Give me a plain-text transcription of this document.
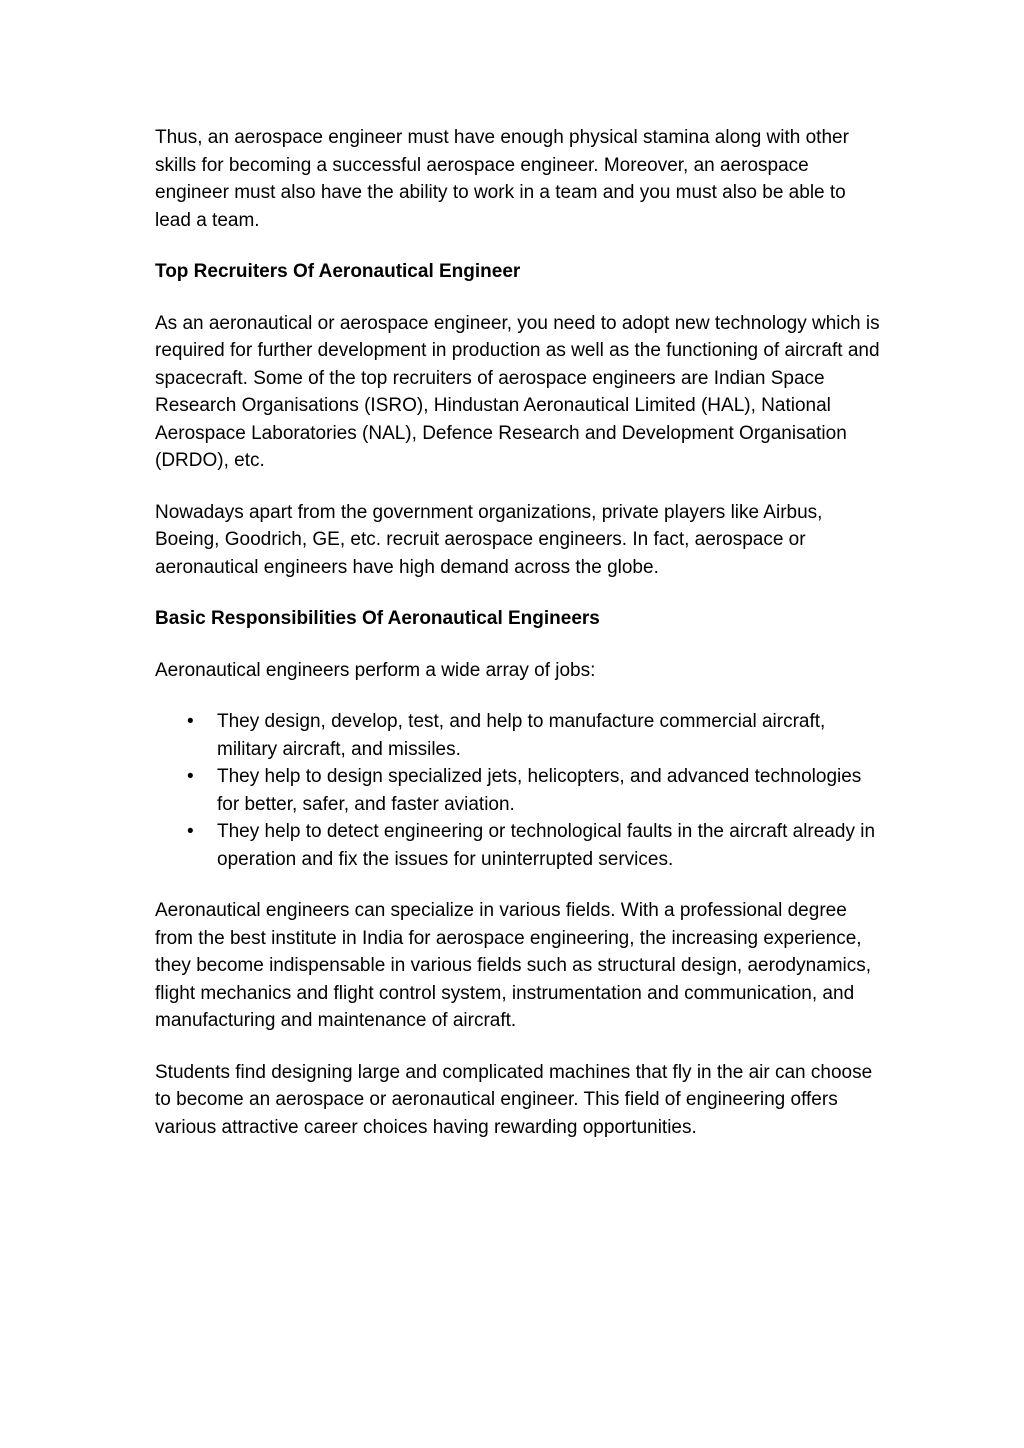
Thus, an aerospace engineer must have enough physical stamina along with other skills for becoming a successful aerospace engineer. Moreover, an aerospace engineer must also have the ability to work in a team and you must also be able to lead a team.

Top Recruiters Of Aeronautical Engineer

As an aeronautical or aerospace engineer, you need to adopt new technology which is required for further development in production as well as the functioning of aircraft and spacecraft. Some of the top recruiters of aerospace engineers are Indian Space Research Organisations (ISRO), Hindustan Aeronautical Limited (HAL), National Aerospace Laboratories (NAL), Defence Research and Development Organisation (DRDO), etc.

Nowadays apart from the government organizations, private players like Airbus, Boeing, Goodrich, GE, etc. recruit aerospace engineers. In fact, aerospace or aeronautical engineers have high demand across the globe.

Basic Responsibilities Of Aeronautical Engineers

Aeronautical engineers perform a wide array of jobs:

• They design, develop, test, and help to manufacture commercial aircraft, military aircraft, and missiles.
• They help to design specialized jets, helicopters, and advanced technologies for better, safer, and faster aviation.
• They help to detect engineering or technological faults in the aircraft already in operation and fix the issues for uninterrupted services.

Aeronautical engineers can specialize in various fields. With a professional degree from the best institute in India for aerospace engineering, the increasing experience, they become indispensable in various fields such as structural design, aerodynamics, flight mechanics and flight control system, instrumentation and communication, and manufacturing and maintenance of aircraft.

Students find designing large and complicated machines that fly in the air can choose to become an aerospace or aeronautical engineer. This field of engineering offers various attractive career choices having rewarding opportunities.
